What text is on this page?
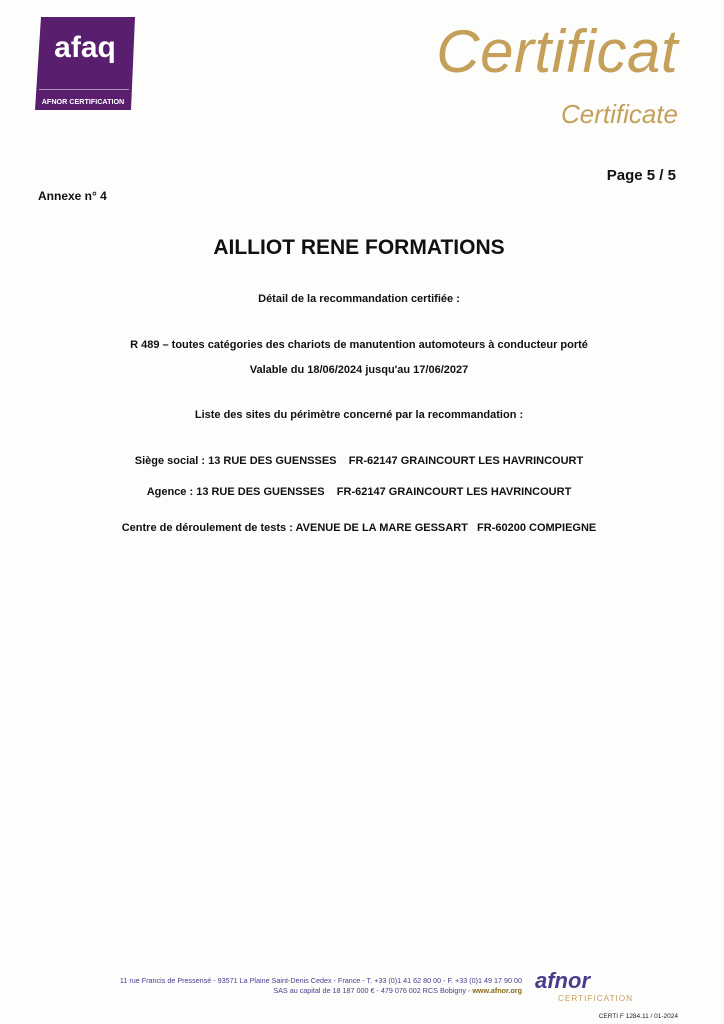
afaq
AFNOR CERTIFICATION
Certificat
Certificate
Page 5 / 5
Annexe n° 4
AILLIOT RENE FORMATIONS
Détail de la recommandation certifiée :
R 489 – toutes catégories des chariots de manutention automoteurs à conducteur porté
Valable du 18/06/2024 jusqu'au 17/06/2027
Liste des sites du périmètre concerné par la recommandation :
Siège social : 13 RUE DES GUENSSES    FR-62147 GRAINCOURT LES HAVRINCOURT
Agence : 13 RUE DES GUENSSES    FR-62147 GRAINCOURT LES HAVRINCOURT
Centre de déroulement de tests : AVENUE DE LA MARE GESSART   FR-60200 COMPIEGNE
11 rue Francis de Pressensé - 93571 La Plaine Saint-Denis Cedex - France - T. +33 (0)1 41 62 80 00 - F. +33 (0)1 49 17 90 00
SAS au capital de 18 187 000 € - 479 076 002 RCS Bobigny - www.afnor.org afnor
CERTIFICATION
CERTI F 1284.11 / 01-2024
